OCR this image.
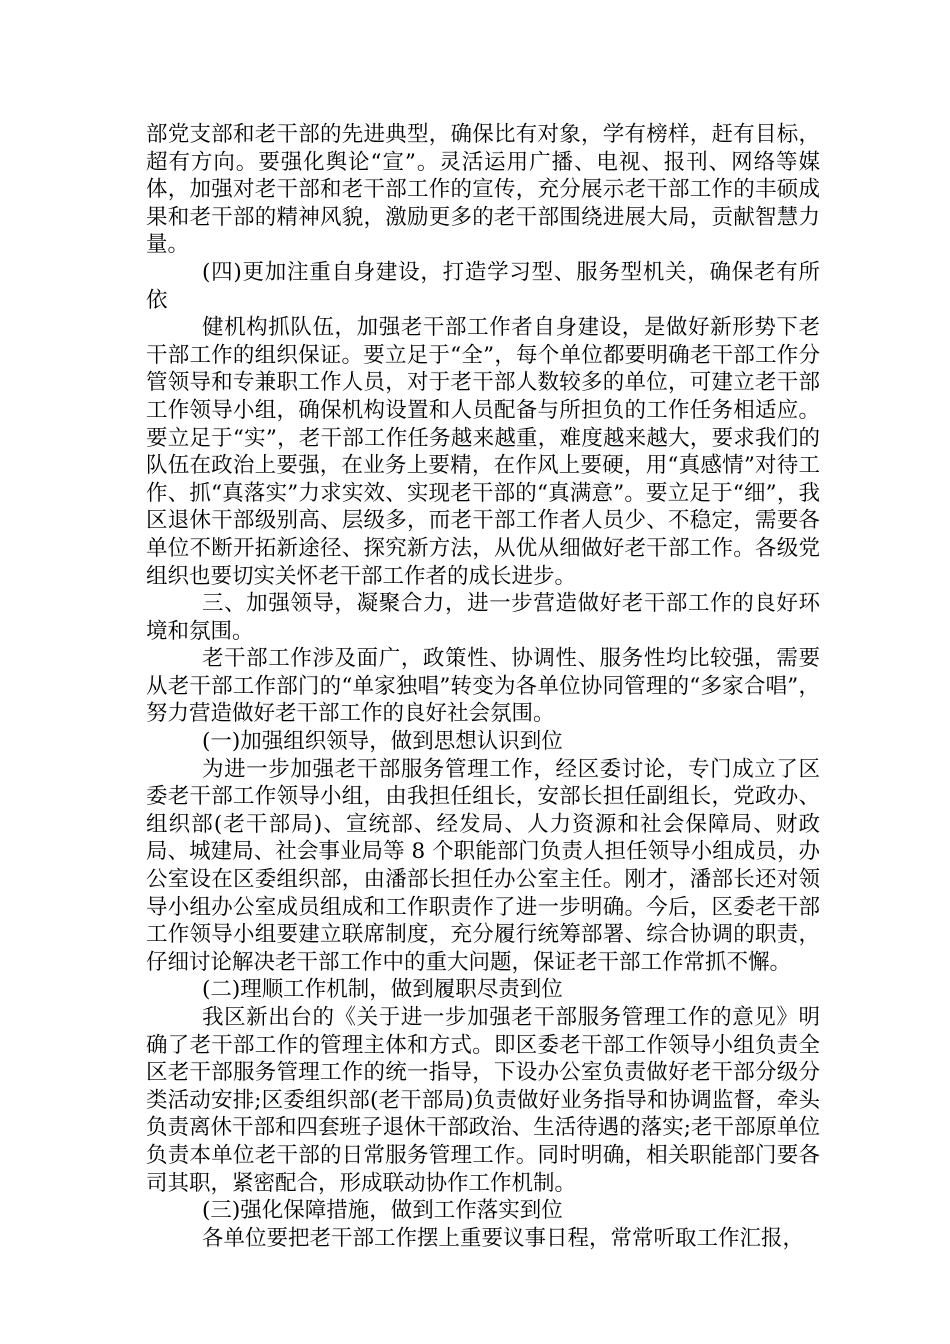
部党支部和老干部的先进典型，确保比有对象，学有榜样，赶有目标，超有方向。要强化舆论“宣”。灵活运用广播、电视、报刊、网络等媒体，加强对老干部和老干部工作的宣传，充分展示老干部工作的丰硕成果和老干部的精神风貌，激励更多的老干部围绕进展大局，贡献智慧力量。

(四)更加注重自身建设，打造学习型、服务型机关，确保老有所依

健机构抓队伍，加强老干部工作者自身建设，是做好新形势下老干部工作的组织保证。要立足于“全”，每个单位都要明确老干部工作分管领导和专兼职工作人员，对于老干部人数较多的单位，可建立老干部工作领导小组，确保机构设置和人员配备与所担负的工作任务相适应。要立足于“实”，老干部工作任务越来越重，难度越来越大，要求我们的队伍在政治上要强，在业务上要精，在作风上要硬，用“真感情”对待工作、抓“真落实”力求实效、实现老干部的“真满意”。要立足于“细”，我区退休干部级别高、层级多，而老干部工作者人员少、不稳定，需要各单位不断开拓新途径、探究新方法，从优从细做好老干部工作。各级党组织也要切实关怀老干部工作者的成长进步。

三、加强领导，凝聚合力，进一步营造做好老干部工作的良好环境和氛围。

老干部工作涉及面广，政策性、协调性、服务性均比较强，需要从老干部工作部门的“单家独唱”转变为各单位协同管理的“多家合唱”，努力营造做好老干部工作的良好社会氛围。

(一)加强组织领导，做到思想认识到位

为进一步加强老干部服务管理工作，经区委讨论，专门成立了区委老干部工作领导小组，由我担任组长，安部长担任副组长，党政办、组织部(老干部局)、宣统部、经发局、人力资源和社会保障局、财政局、城建局、社会事业局等 8 个职能部门负责人担任领导小组成员，办公室设在区委组织部，由潘部长担任办公室主任。刚才，潘部长还对领导小组办公室成员组成和工作职责作了进一步明确。今后，区委老干部工作领导小组要建立联席制度，充分履行统筹部署、综合协调的职责，仔细讨论解决老干部工作中的重大问题，保证老干部工作常抓不懈。

(二)理顺工作机制，做到履职尽责到位

我区新出台的《关于进一步加强老干部服务管理工作的意见》明确了老干部工作的管理主体和方式。即区委老干部工作领导小组负责全区老干部服务管理工作的统一指导，下设办公室负责做好老干部分级分类活动安排;区委组织部(老干部局)负责做好业务指导和协调监督，牵头负责离休干部和四套班子退休干部政治、生活待遇的落实;老干部原单位负责本单位老干部的日常服务管理工作。同时明确，相关职能部门要各司其职，紧密配合，形成联动协作工作机制。

(三)强化保障措施，做到工作落实到位

各单位要把老干部工作摆上重要议事日程，常常听取工作汇报，
